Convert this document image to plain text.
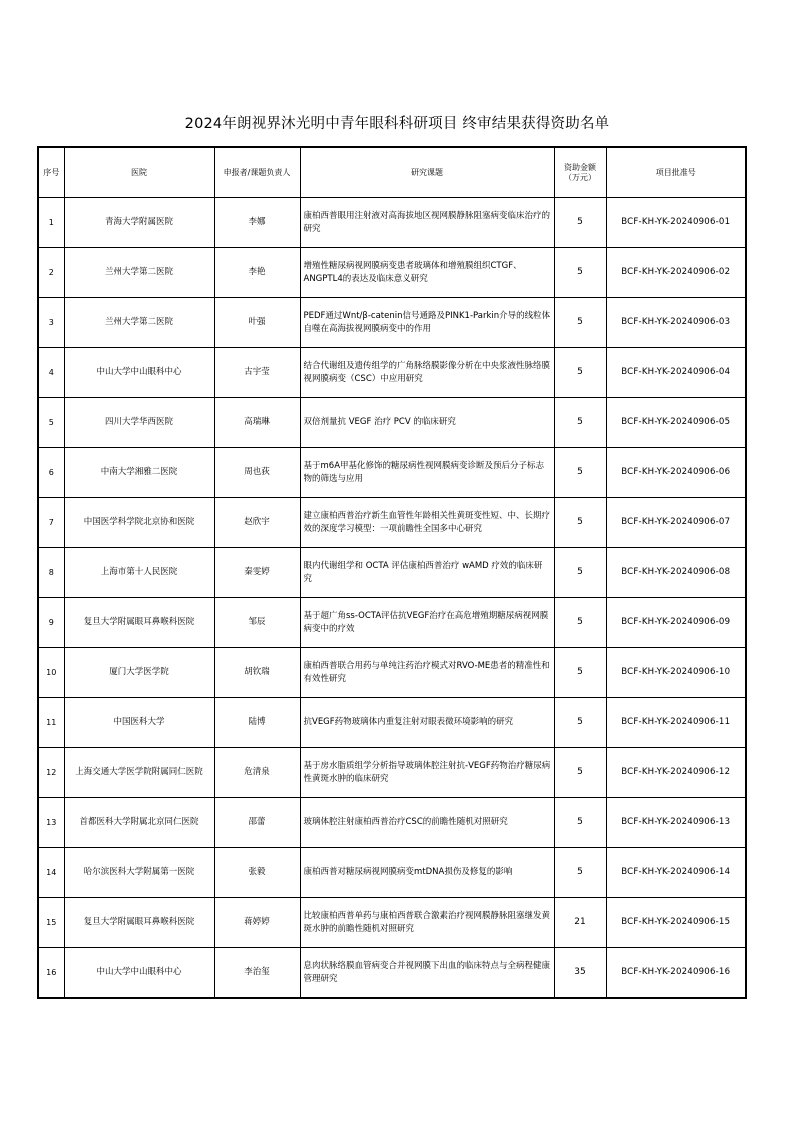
2024年朗视界沐光明中青年眼科科研项目 终审结果获得资助名单
序号	医院	申报者/课题负责人	研究课题	资助金额（万元）	项目批准号
1	青海大学附属医院	李娜	康柏西普眼用注射液对高海拔地区视网膜静脉阻塞病变临床治疗的研究	5	BCF-KH-YK-20240906-01
2	兰州大学第二医院	李艳	增殖性糖尿病视网膜病变患者玻璃体和增殖膜组织CTGF、ANGPTL4的表达及临床意义研究	5	BCF-KH-YK-20240906-02
3	兰州大学第二医院	叶强	PEDF通过Wnt/β-catenin信号通路及PINK1-Parkin介导的线粒体自噬在高海拔视网膜病变中的作用	5	BCF-KH-YK-20240906-03
4	中山大学中山眼科中心	古宇莹	结合代谢组及遗传组学的广角脉络膜影像分析在中央浆液性脉络膜视网膜病变（CSC）中应用研究	5	BCF-KH-YK-20240906-04
5	四川大学华西医院	高瑞琳	双倍剂量抗 VEGF 治疗 PCV 的临床研究	5	BCF-KH-YK-20240906-05
6	中南大学湘雅二医院	周也荻	基于m6A甲基化修饰的糖尿病性视网膜病变诊断及预后分子标志物的筛选与应用	5	BCF-KH-YK-20240906-06
7	中国医学科学院北京协和医院	赵欣宇	建立康柏西普治疗新生血管性年龄相关性黄斑变性短、中、长期疗效的深度学习模型：一项前瞻性全国多中心研究	5	BCF-KH-YK-20240906-07
8	上海市第十人民医院	秦雯婷	眼内代谢组学和 OCTA 评估康柏西普治疗 wAMD 疗效的临床研究	5	BCF-KH-YK-20240906-08
9	复旦大学附属眼耳鼻喉科医院	邹辰	基于超广角ss-OCTA评估抗VEGF治疗在高危增殖期糖尿病视网膜病变中的疗效	5	BCF-KH-YK-20240906-09
10	厦门大学医学院	胡钦瑞	康柏西普联合用药与单纯注药治疗模式对RVO-ME患者的精准性和有效性研究	5	BCF-KH-YK-20240906-10
11	中国医科大学	陆博	抗VEGF药物玻璃体内重复注射对眼表微环境影响的研究	5	BCF-KH-YK-20240906-11
12	上海交通大学医学院附属同仁医院	危清泉	基于房水脂质组学分析指导玻璃体腔注射抗-VEGF药物治疗糖尿病性黄斑水肿的临床研究	5	BCF-KH-YK-20240906-12
13	首都医科大学附属北京同仁医院	邵蕾	玻璃体腔注射康柏西普治疗CSC的前瞻性随机对照研究	5	BCF-KH-YK-20240906-13
14	哈尔滨医科大学附属第一医院	张毅	康柏西普对糖尿病视网膜病变mtDNA损伤及修复的影响	5	BCF-KH-YK-20240906-14
15	复旦大学附属眼耳鼻喉科医院	蒋婷婷	比较康柏西普单药与康柏西普联合激素治疗视网膜静脉阻塞继发黄斑水肿的前瞻性随机对照研究	21	BCF-KH-YK-20240906-15
16	中山大学中山眼科中心	李治玺	息肉状脉络膜血管病变合并视网膜下出血的临床特点与全病程健康管理研究	35	BCF-KH-YK-20240906-16
